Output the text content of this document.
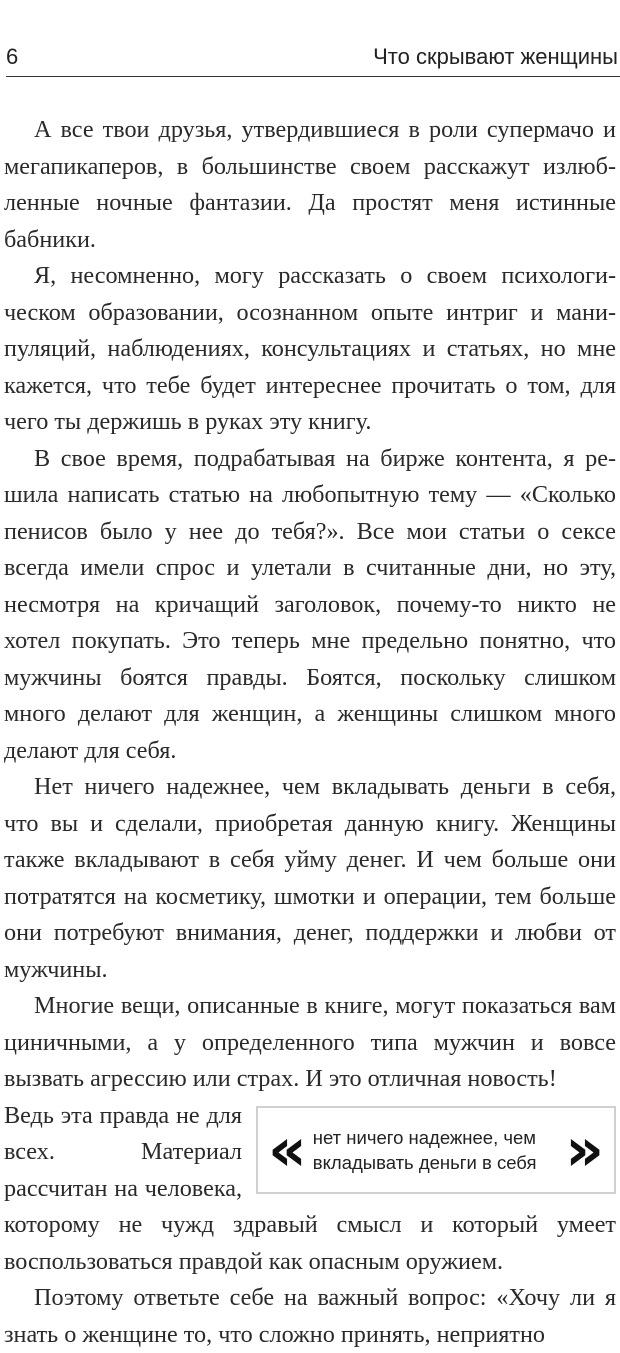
6	Что скрывают женщины

А все твои друзья, утвердившиеся в роли супермачо и мегапикаперов, в большинстве своем расскажут излюбленные ночные фантазии. Да простят меня истинные бабники.

Я, несомненно, могу рассказать о своем психологическом образовании, осознанном опыте интриг и манипуляций, наблюдениях, консультациях и статьях, но мне кажется, что тебе будет интереснее прочитать о том, для чего ты держишь в руках эту книгу.

В свое время, подрабатывая на бирже контента, я решила написать статью на любопытную тему — «Сколько пенисов было у нее до тебя?». Все мои статьи о сексе всегда имели спрос и улетали в считанные дни, но эту, несмотря на кричащий заголовок, почему-то никто не хотел покупать. Это теперь мне предельно понятно, что мужчины боятся правды. Боятся, поскольку слишком много делают для женщин, а женщины слишком много делают для себя.

Нет ничего надежнее, чем вкладывать деньги в себя, что вы и сделали, приобретая данную книгу. Женщины также вкладывают в себя уйму денег. И чем больше они потратятся на косметику, шмотки и операции, тем больше они потребуют внимания, денег, поддержки и любви от мужчины.

Многие вещи, описанные в книге, могут показаться вам циничными, а у определенного типа мужчин и вовсе вызвать агрессию или страх. И это отличная новость!

« нет ничего надежнее, чем вкладывать деньги в себя »

Ведь эта правда не для всех. Материал рассчитан на человека, которому не чужд здравый смысл и который умеет воспользоваться правдой как опасным оружием.

Поэтому ответьте себе на важный вопрос: «Хочу ли я знать о женщине то, что сложно принять, неприятно
